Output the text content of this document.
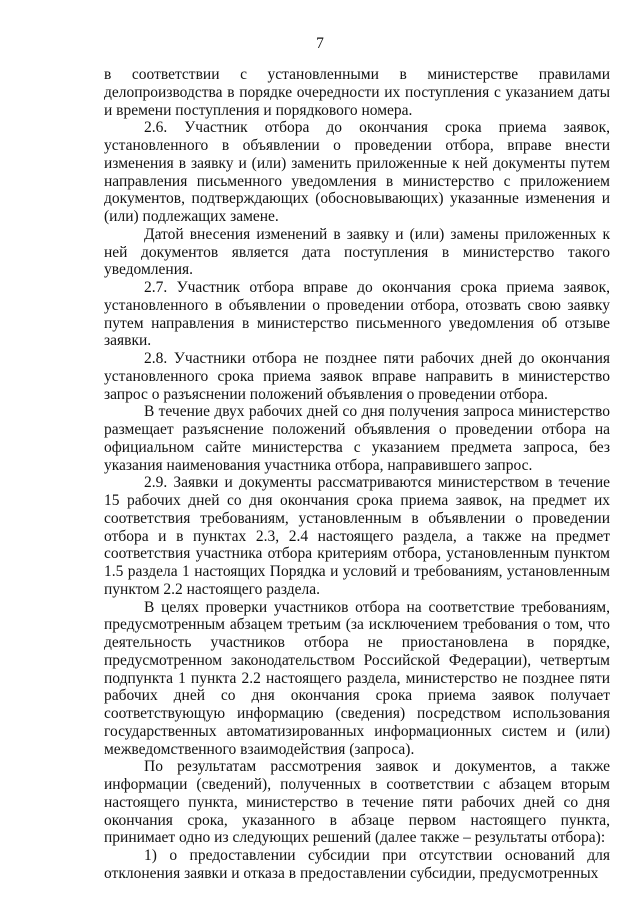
7

в соответствии с установленными в министерстве правилами делопроизводства в порядке очередности их поступления с указанием даты и времени поступления и порядкового номера.

2.6. Участник отбора до окончания срока приема заявок, установленного в объявлении о проведении отбора, вправе внести изменения в заявку и (или) заменить приложенные к ней документы путем направления письменного уведомления в министерство с приложением документов, подтверждающих (обосновывающих) указанные изменения и (или) подлежащих замене.

Датой внесения изменений в заявку и (или) замены приложенных к ней документов является дата поступления в министерство такого уведомления.

2.7. Участник отбора вправе до окончания срока приема заявок, установленного в объявлении о проведении отбора, отозвать свою заявку путем направления в министерство письменного уведомления об отзыве заявки.

2.8. Участники отбора не позднее пяти рабочих дней до окончания установленного срока приема заявок вправе направить в министерство запрос о разъяснении положений объявления о проведении отбора.

В течение двух рабочих дней со дня получения запроса министерство размещает разъяснение положений объявления о проведении отбора на официальном сайте министерства с указанием предмета запроса, без указания наименования участника отбора, направившего запрос.

2.9. Заявки и документы рассматриваются министерством в течение 15 рабочих дней со дня окончания срока приема заявок, на предмет их соответствия требованиям, установленным в объявлении о проведении отбора и в пунктах 2.3, 2.4 настоящего раздела, а также на предмет соответствия участника отбора критериям отбора, установленным пунктом 1.5 раздела 1 настоящих Порядка и условий и требованиям, установленным пунктом 2.2 настоящего раздела.

В целях проверки участников отбора на соответствие требованиям, предусмотренным абзацем третьим (за исключением требования о том, что деятельность участников отбора не приостановлена в порядке, предусмотренном законодательством Российской Федерации), четвертым подпункта 1 пункта 2.2 настоящего раздела, министерство не позднее пяти рабочих дней со дня окончания срока приема заявок получает соответствующую информацию (сведения) посредством использования государственных автоматизированных информационных систем и (или) межведомственного взаимодействия (запроса).

По результатам рассмотрения заявок и документов, а также информации (сведений), полученных в соответствии с абзацем вторым настоящего пункта, министерство в течение пяти рабочих дней со дня окончания срока, указанного в абзаце первом настоящего пункта, принимает одно из следующих решений (далее также – результаты отбора):

1) о предоставлении субсидии при отсутствии оснований для отклонения заявки и отказа в предоставлении субсидии, предусмотренных
